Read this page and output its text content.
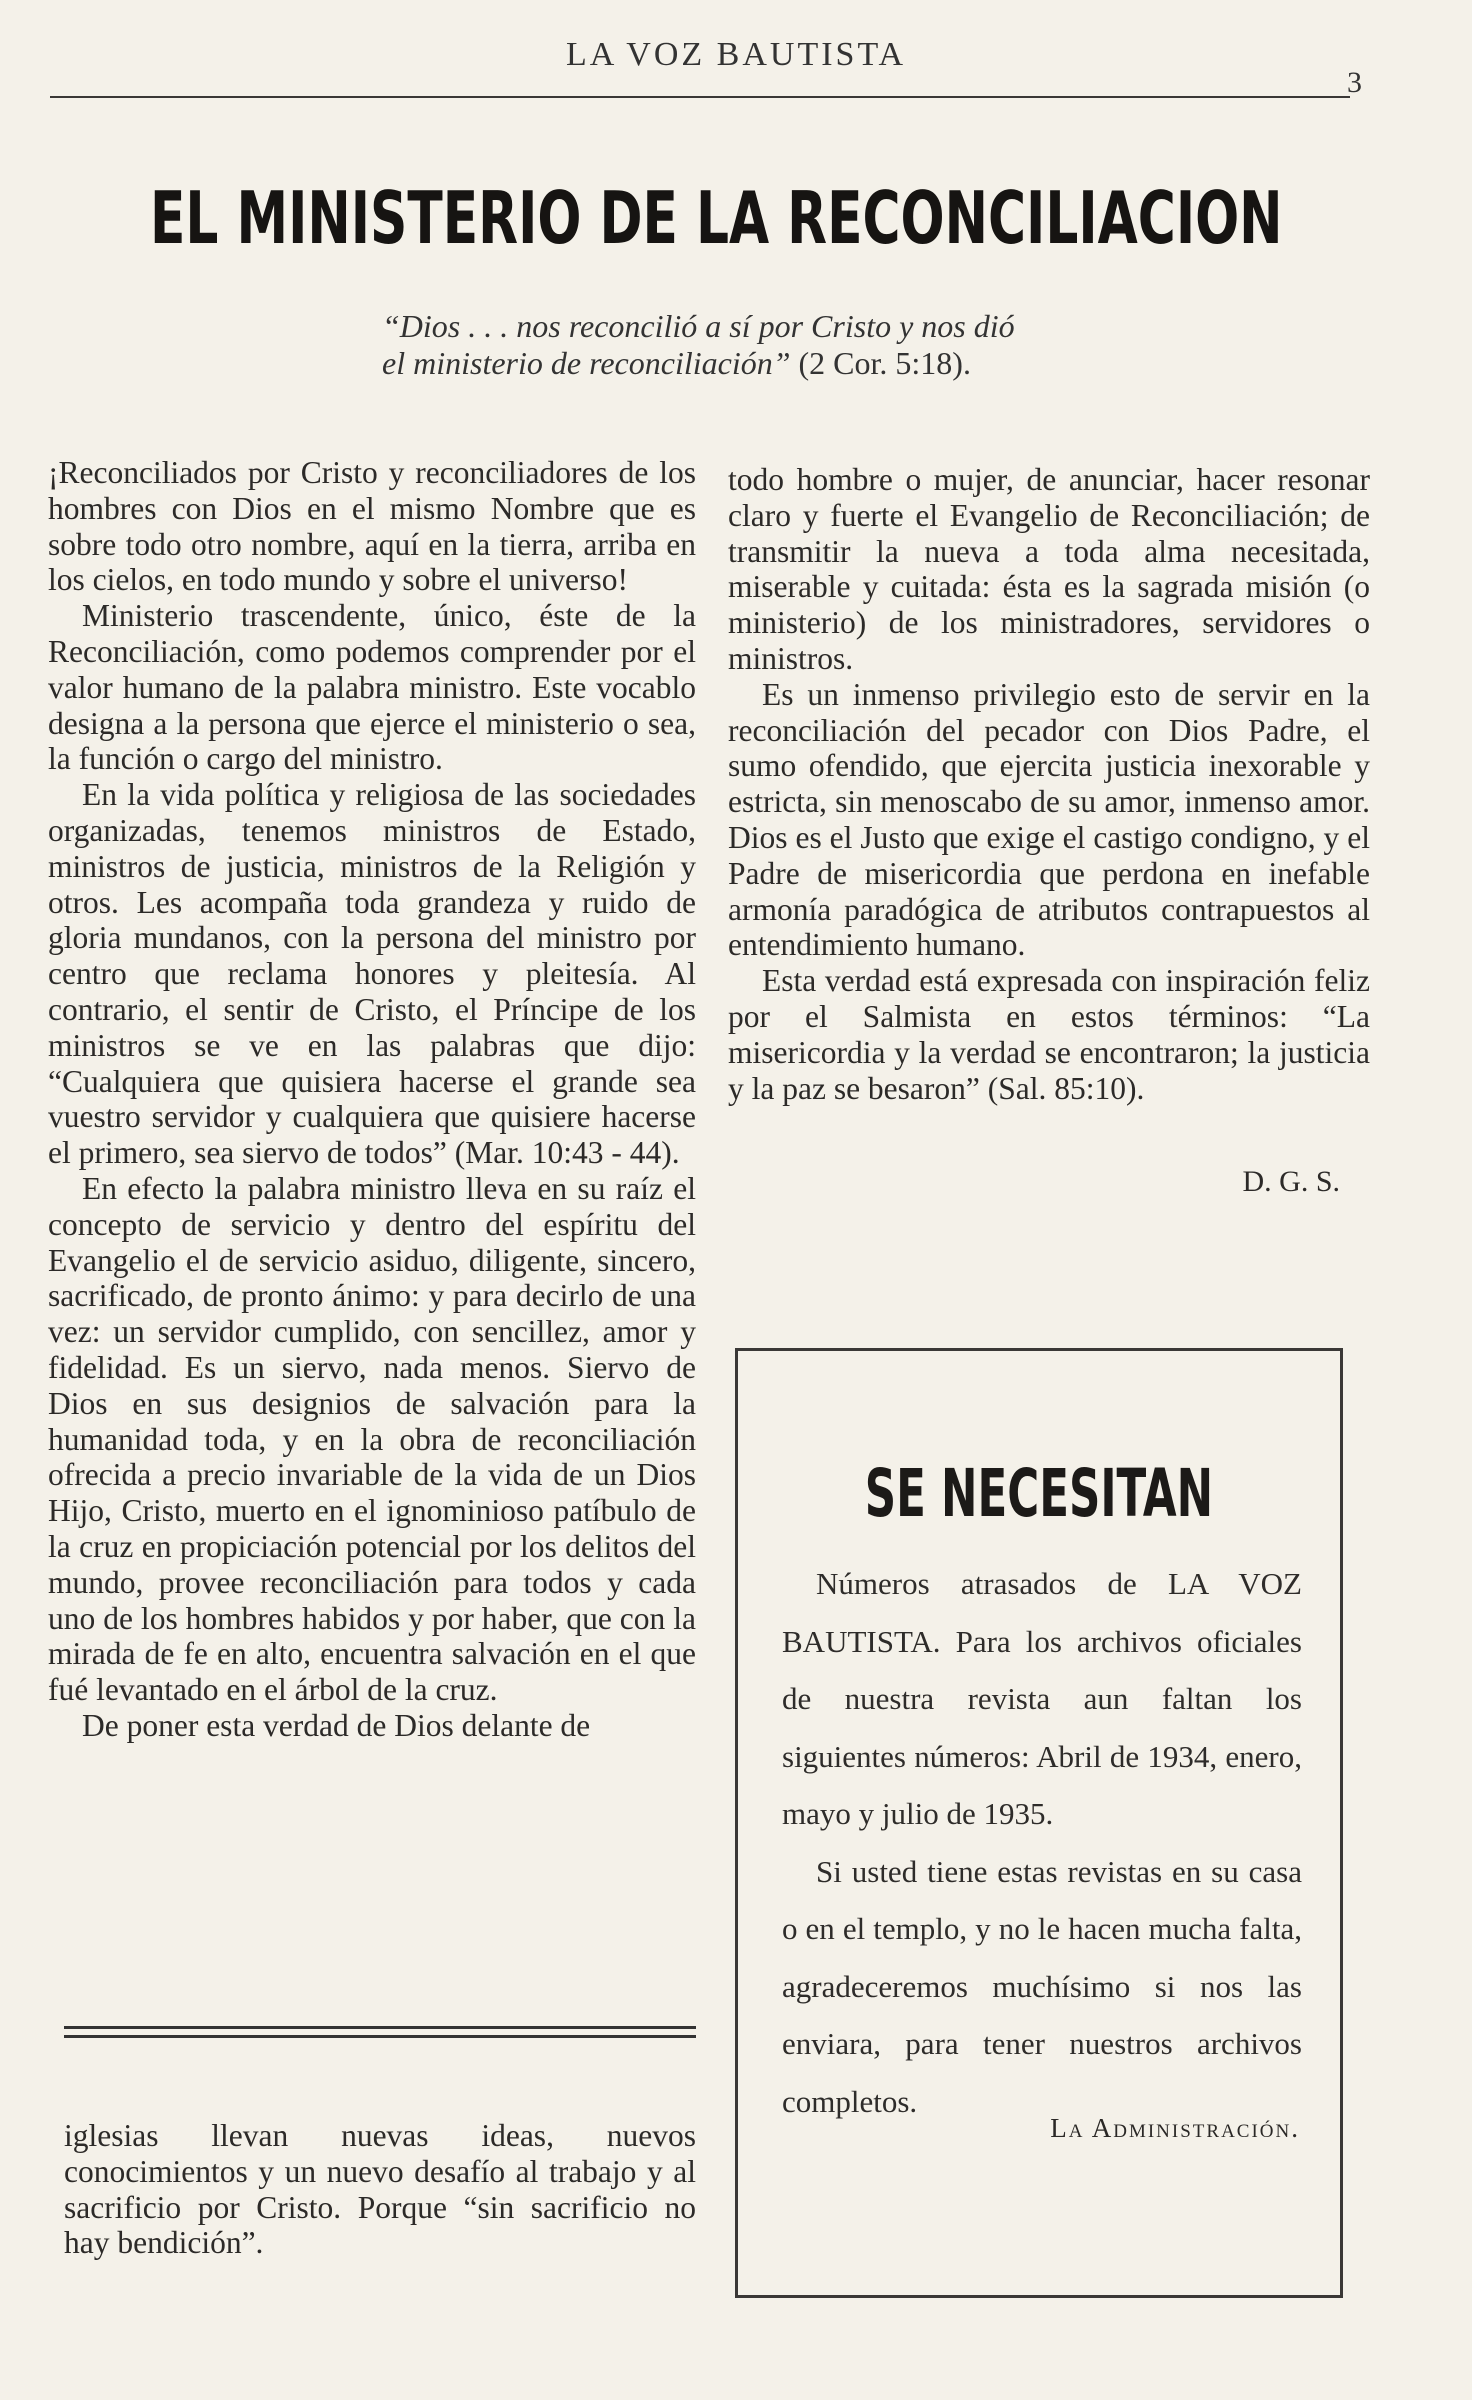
LA VOZ BAUTISTA
3
EL MINISTERIO DE LA RECONCILIACION
“Dios . . . nos reconcilió a sí por Cristo y nos dió el ministerio de reconciliación” (2 Cor. 5:18).

¡Reconciliados por Cristo y reconciliadores de los hombres con Dios en el mismo Nombre que es sobre todo otro nombre, aquí en la tierra, arriba en los cielos, en todo mundo y sobre el universo!

Ministerio trascendente, único, éste de la Reconciliación, como podemos comprender por el valor humano de la palabra ministro. Este vocablo designa a la persona que ejerce el ministerio o sea, la función o cargo del ministro.

En la vida política y religiosa de las sociedades organizadas, tenemos ministros de Estado, ministros de justicia, ministros de la Religión y otros. Les acompaña toda grandeza y ruido de gloria mundanos, con la persona del ministro por centro que reclama honores y pleitesía. Al contrario, el sentir de Cristo, el Príncipe de los ministros se ve en las palabras que dijo: “Cualquiera que quisiera hacerse el grande sea vuestro servidor y cualquiera que quisiere hacerse el primero, sea siervo de todos” (Mar. 10:43 - 44).

En efecto la palabra ministro lleva en su raíz el concepto de servicio y dentro del espíritu del Evangelio el de servicio asiduo, diligente, sincero, sacrificado, de pronto ánimo: y para decirlo de una vez: un servidor cumplido, con sencillez, amor y fidelidad. Es un siervo, nada menos. Siervo de Dios en sus designios de salvación para la humanidad toda, y en la obra de reconciliación ofrecida a precio invariable de la vida de un Dios Hijo, Cristo, muerto en el ignominioso patíbulo de la cruz en propiciación potencial por los delitos del mundo, provee reconciliación para todos y cada uno de los hombres habidos y por haber, que con la mirada de fe en alto, encuentra salvación en el que fué levantado en el árbol de la cruz.

De poner esta verdad de Dios delante de

iglesias llevan nuevas ideas, nuevos conocimientos y un nuevo desafío al trabajo y al sacrificio por Cristo. Porque “sin sacrificio no hay bendición”.

todo hombre o mujer, de anunciar, hacer resonar claro y fuerte el Evangelio de Reconciliación; de transmitir la nueva a toda alma necesitada, miserable y cuitada: ésta es la sagrada misión (o ministerio) de los ministradores, servidores o ministros.

Es un inmenso privilegio esto de servir en la reconciliación del pecador con Dios Padre, el sumo ofendido, que ejercita justicia inexorable y estricta, sin menoscabo de su amor, inmenso amor. Dios es el Justo que exige el castigo condigno, y el Padre de misericordia que perdona en inefable armonía paradógica de atributos contrapuestos al entendimiento humano.

Esta verdad está expresada con inspiración feliz por el Salmista en estos términos: “La misericordia y la verdad se encontraron; la justicia y la paz se besaron” (Sal. 85:10).

D. G. S.
SE NECESITAN

Números atrasados de LA VOZ BAUTISTA. Para los archivos oficiales de nuestra revista aun faltan los siguientes números: Abril de 1934, enero, mayo y julio de 1935.

Si usted tiene estas revistas en su casa o en el templo, y no le hacen mucha falta, agradeceremos muchísimo si nos las enviara, para tener nuestros archivos completos.

La Administración.
